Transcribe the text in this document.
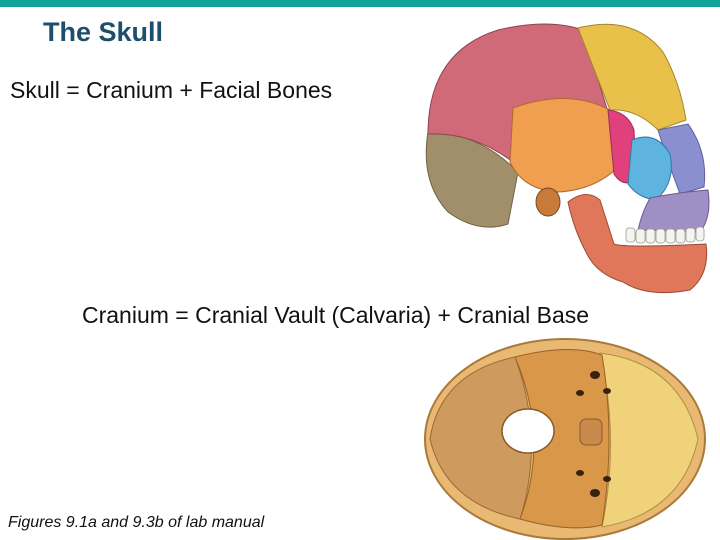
The Skull
Skull = Cranium + Facial Bones
Cranium = Cranial Vault (Calvaria) + Cranial Base
Figures 9.1a and 9.3b of lab manual
